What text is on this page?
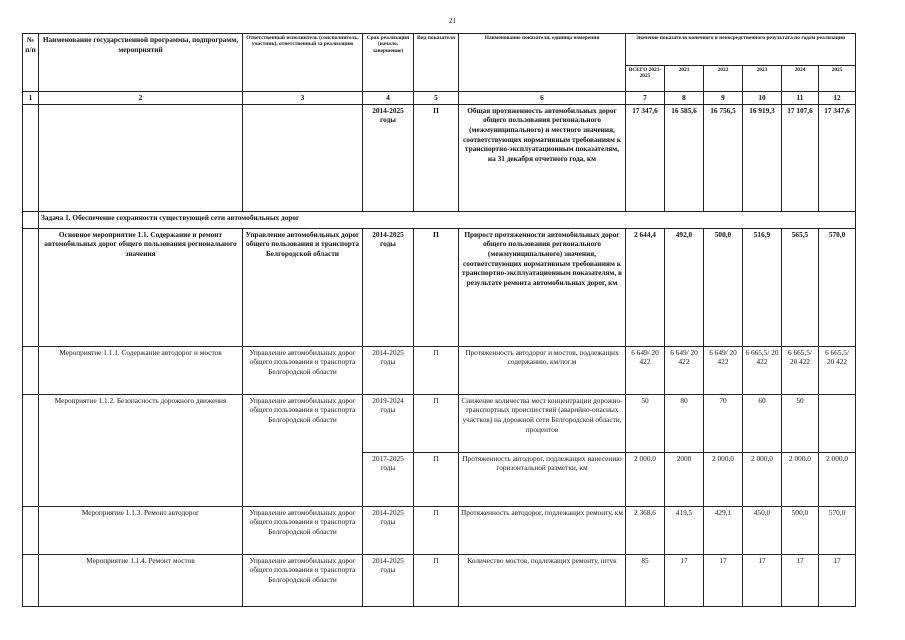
21
№ п/п	Наименование государственной программы, подпрограмм, мероприятий	Ответственный исполнитель (соисполнитель, участник), ответственный за реализацию	Срок реализации (начало, завершение)	Вид показателя	Наименование показателя, единица измерения	Значение показателя конечного и непосредственного результата по годам реализации					
						ВСЕГО 2021-2025	2021	2022	2023	2024	2025
1	2	3	4	5	6	7	8	9	10	11	12
			2014-2025 годы	П	Общая протяженность автомобильных дорог общего пользования регионального (межмуниципального) и местного значения, соответствующих нормативным требованиям к транспортно-эксплуатационным показателям, на 31 декабря отчетного года, км	17 347,6	16 585,6	16 756,5	16 919,3	17 107,6	17 347,6
	Задача 1. Обеспечение сохранности существующей сети автомобильных дорог										
	Основное мероприятие 1.1. Содержание и ремонт автомобильных дорог общего пользования регионального значения	Управление автомобильных дорог общего пользования и транспорта Белгородской области	2014-2025 годы	П	Прирост протяженности автомобильных дорог общего пользования регионального (межмуниципального) значения, соответствующих нормативным требованиям к транспортно-эксплуатационным показателям, в результате ремонта автомобильных дорог, км	2 644,4	492,0	500,0	516,9	565,5	570,0
	Мероприятие 1.1.1. Содержание автодорог и мостов	Управление автомобильных дорог общего пользования и транспорта Белгородской области	2014-2025 годы	П	Протяженность автодорог и мостов, подлежащих содержанию, км/пог.м	6 649/ 20 422	6 649/ 20 422	6 649/ 20 422	6 665,5/ 20 422	6 665,5/ 20 422	6 665,5/ 20 422
	Мероприятие 1.1.2. Безопасность дорожного движения	Управление автомобильных дорог общего пользования и транспорта Белгородской области	2019-2024 годы	П	Снижение количества мест концентрации дорожно-транспортных происшествий (аварийно-опасных участков) на дорожной сети Белгородской области, процентов	50	80	70	60	50	
			2017-2025 годы	П	Протяженность автодорог, подлежащих нанесению горизонтальной разметки, км	2 000,0	2000	2 000,0	2 000,0	2 000,0	2 000,0
	Мероприятие 1.1.3. Ремонт автодорог	Управление автомобильных дорог общего пользования и транспорта Белгородской области	2014-2025 годы	П	Протяженность автодорог, подлежащих ремонту, км	2 368,6	419,5	429,1	450,0	500,0	570,0
	Мероприятие 1.1.4. Ремонт мостов	Управление автомобильных дорог общего пользования и транспорта Белгородской области	2014-2025 годы	П	Количество мостов, подлежащих ремонту, штук	85	17	17	17	17	17
